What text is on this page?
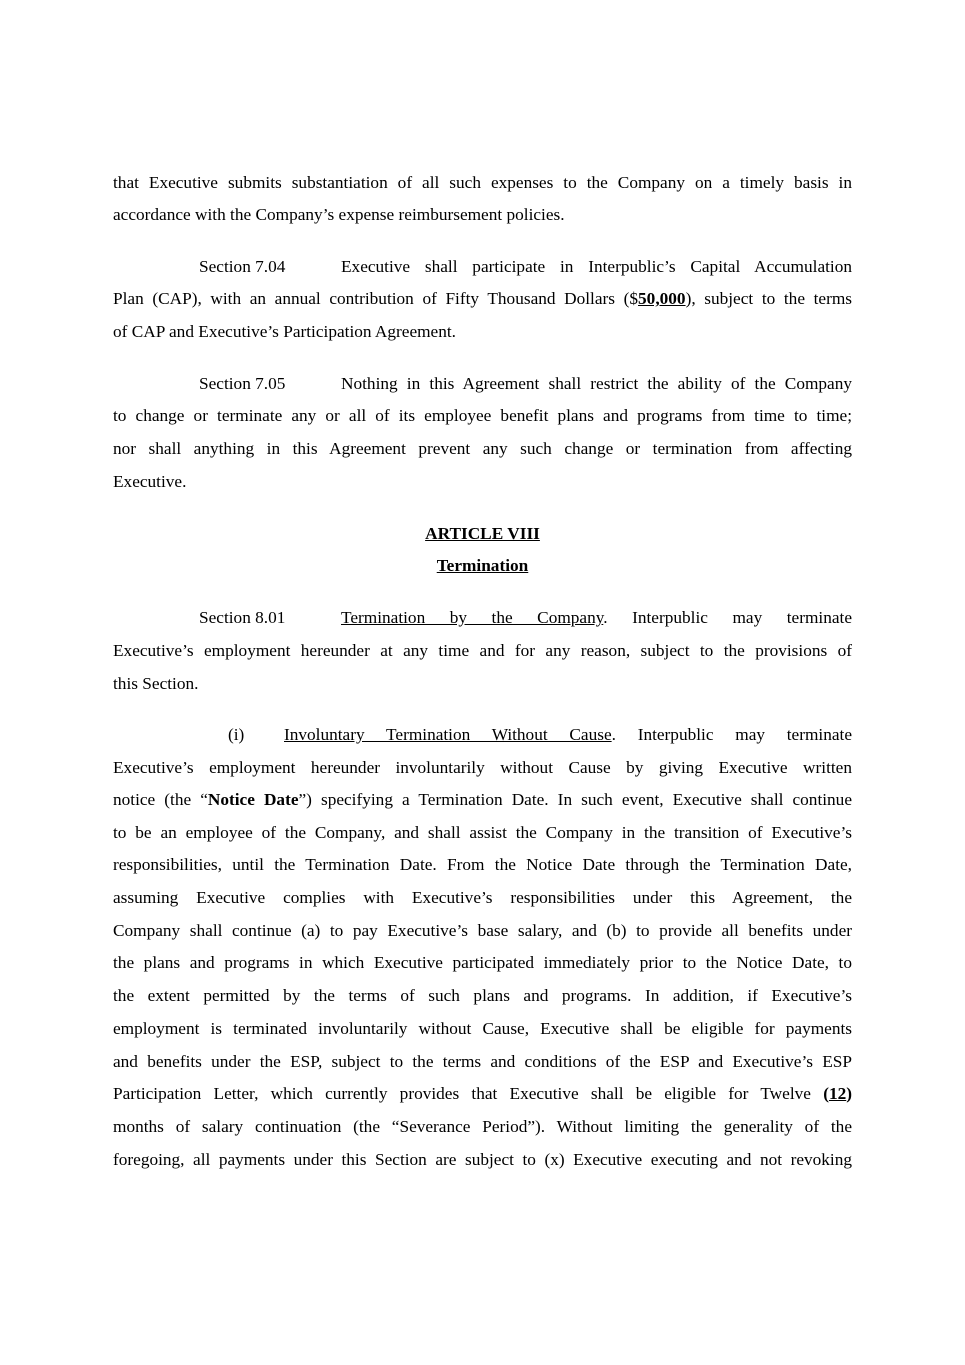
that Executive submits substantiation of all such expenses to the Company on a timely basis in
accordance with the Company’s expense reimbursement policies.
Section 7.04	Executive shall participate in Interpublic’s Capital Accumulation
Plan (CAP), with an annual contribution of Fifty Thousand Dollars ($50,000), subject to the terms
of CAP and Executive’s Participation Agreement.
Section 7.05	Nothing in this Agreement shall restrict the ability of the Company
to change or terminate any or all of its employee benefit plans and programs from time to time;
nor shall anything in this Agreement prevent any such change or termination from affecting
Executive.
ARTICLE VIII
Termination
Section 8.01	Termination by the Company. Interpublic may terminate
Executive’s employment hereunder at any time and for any reason, subject to the provisions of
this Section.
(i) Involuntary Termination Without Cause. Interpublic may terminate
Executive’s employment hereunder involuntarily without Cause by giving Executive written
notice (the “Notice Date”) specifying a Termination Date. In such event, Executive shall continue
to be an employee of the Company, and shall assist the Company in the transition of Executive’s
responsibilities, until the Termination Date. From the Notice Date through the Termination Date,
assuming Executive complies with Executive’s responsibilities under this Agreement, the
Company shall continue (a) to pay Executive’s base salary, and (b) to provide all benefits under
the plans and programs in which Executive participated immediately prior to the Notice Date, to
the extent permitted by the terms of such plans and programs. In addition, if Executive’s
employment is terminated involuntarily without Cause, Executive shall be eligible for payments
and benefits under the ESP, subject to the terms and conditions of the ESP and Executive’s ESP
Participation Letter, which currently provides that Executive shall be eligible for Twelve (12)
months of salary continuation (the “Severance Period”). Without limiting the generality of the
foregoing, all payments under this Section are subject to (x) Executive executing and not revoking
